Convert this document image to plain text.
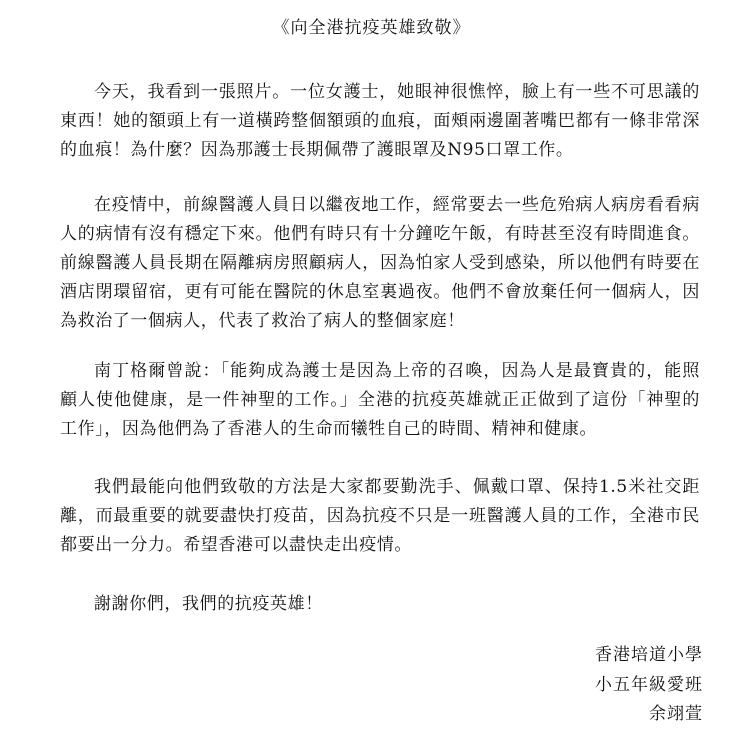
《向全港抗疫英雄致敬》

今天，我看到一張照片。一位女護士，她眼神很憔悴，臉上有一些不可思議的東西！她的額頭上有一道橫跨整個額頭的血痕，面頰兩邊圍著嘴巴都有一條非常深的血痕！為什麼？因為那護士長期佩帶了護眼罩及N95口罩工作。

在疫情中，前線醫護人員日以繼夜地工作，經常要去一些危殆病人病房看看病人的病情有沒有穩定下來。他們有時只有十分鐘吃午飯，有時甚至沒有時間進食。前線醫護人員長期在隔離病房照顧病人，因為怕家人受到感染，所以他們有時要在酒店閉環留宿，更有可能在醫院的休息室裏過夜。他們不會放棄任何一個病人，因為救治了一個病人，代表了救治了病人的整個家庭！

南丁格爾曾說：「能夠成為護士是因為上帝的召喚，因為人是最寶貴的，能照顧人使他健康，是一件神聖的工作。」全港的抗疫英雄就正正做到了這份「神聖的工作」，因為他們為了香港人的生命而犧牲自己的時間、精神和健康。

我們最能向他們致敬的方法是大家都要勤洗手、佩戴口罩、保持1.5米社交距離，而最重要的就要盡快打疫苗，因為抗疫不只是一班醫護人員的工作，全港市民都要出一分力。希望香港可以盡快走出疫情。

謝謝你們，我們的抗疫英雄！

香港培道小學
小五年級愛班
余翊萱
